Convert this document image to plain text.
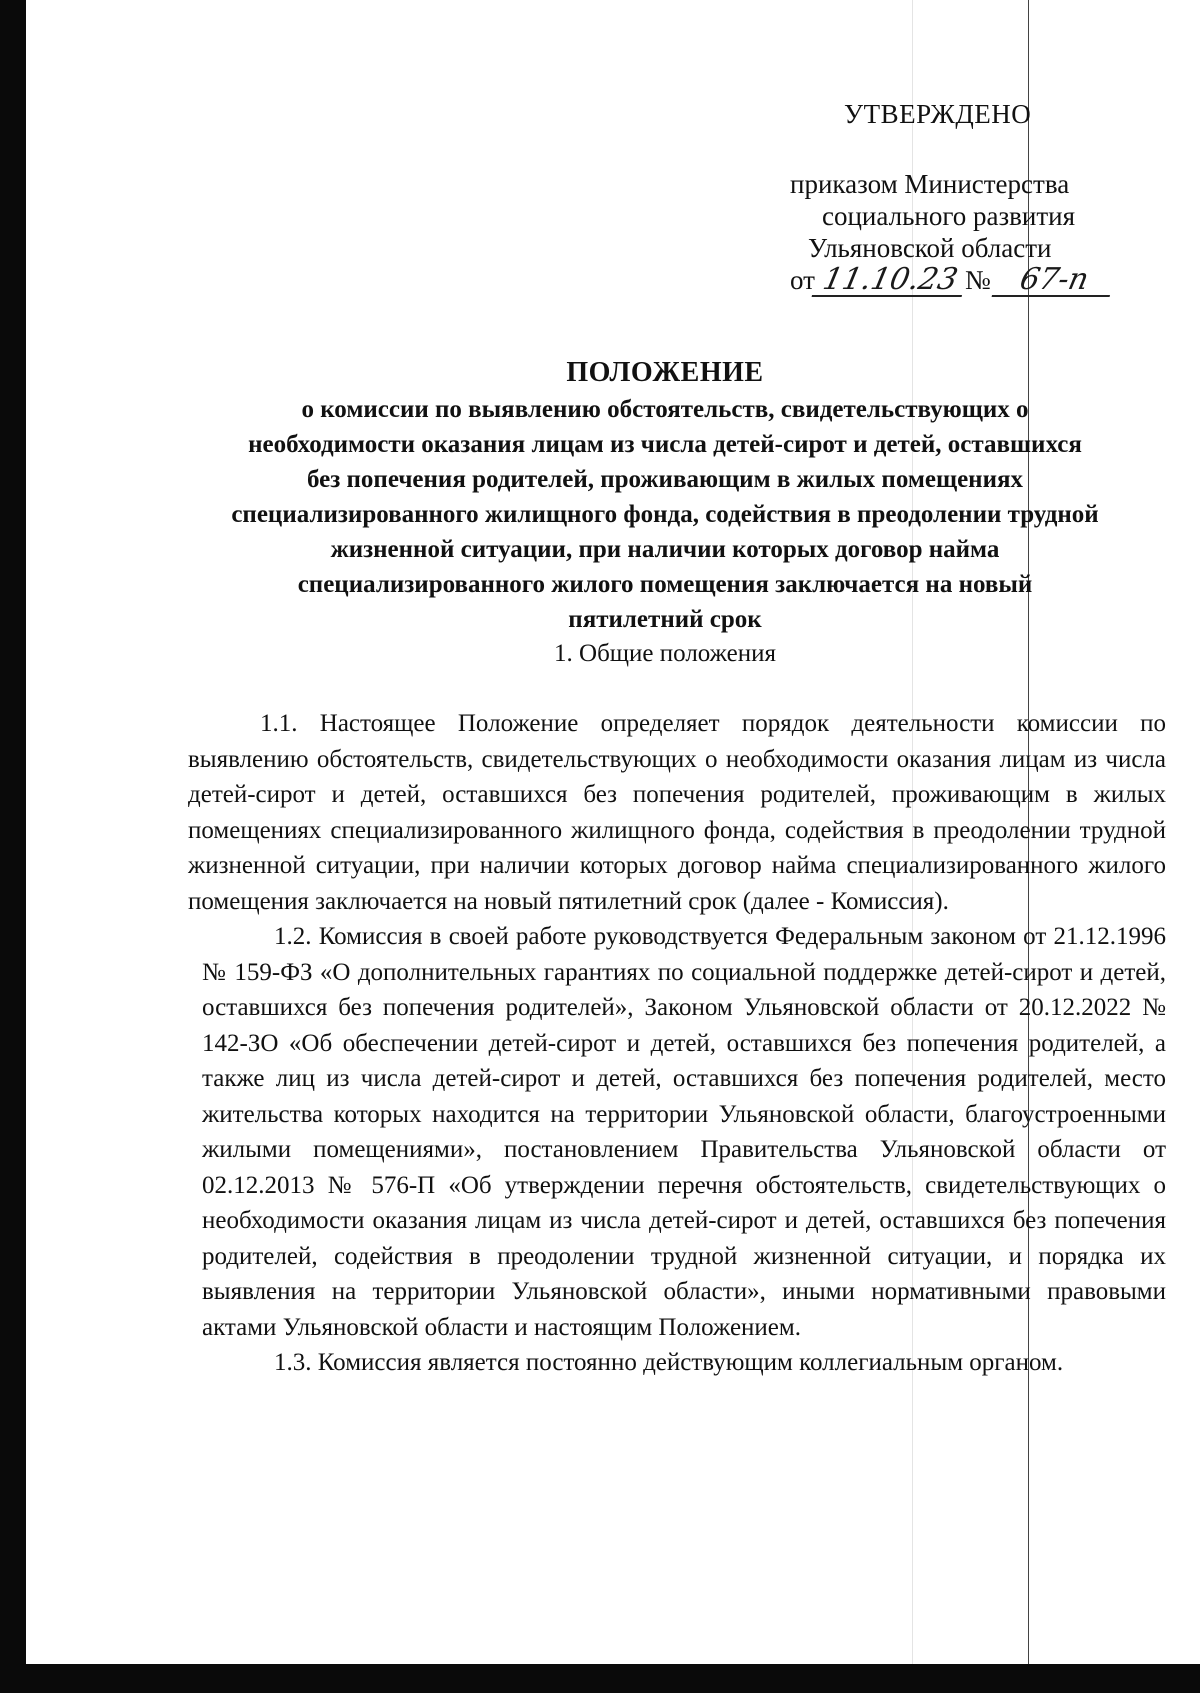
УТВЕРЖДЕНО
приказом Министерства
социального развития
Ульяновской области
от 11.10.23 № 67-п
ПОЛОЖЕНИЕ
о комиссии по выявлению обстоятельств, свидетельствующих о
необходимости оказания лицам из числа детей-сирот и детей, оставшихся
без попечения родителей, проживающим в жилых помещениях
специализированного жилищного фонда, содействия в преодолении трудной
жизненной ситуации, при наличии которых договор найма
специализированного жилого помещения заключается на новый
пятилетний срок
1. Общие положения

1.1. Настоящее Положение определяет порядок деятельности комиссии по выявлению обстоятельств, свидетельствующих о необходимости оказания лицам из числа детей-сирот и детей, оставшихся без попечения родителей, проживающим в жилых помещениях специализированного жилищного фонда, содействия в преодолении трудной жизненной ситуации, при наличии которых договор найма специализированного жилого помещения заключается на новый пятилетний срок (далее - Комиссия).

1.2. Комиссия в своей работе руководствуется Федеральным законом от 21.12.1996 № 159-ФЗ «О дополнительных гарантиях по социальной поддержке детей-сирот и детей, оставшихся без попечения родителей», Законом Ульяновской области от 20.12.2022 № 142-ЗО «Об обеспечении детей-сирот и детей, оставшихся без попечения родителей, а также лиц из числа детей-сирот и детей, оставшихся без попечения родителей, место жительства которых находится на территории Ульяновской области, благоустроенными жилыми помещениями», постановлением Правительства Ульяновской области от 02.12.2013 № 576-П «Об утверждении перечня обстоятельств, свидетельствующих о необходимости оказания лицам из числа детей-сирот и детей, оставшихся без попечения родителей, содействия в преодолении трудной жизненной ситуации, и порядка их выявления на территории Ульяновской области», иными нормативными правовыми актами Ульяновской области и настоящим Положением.

1.3. Комиссия является постоянно действующим коллегиальным органом.
